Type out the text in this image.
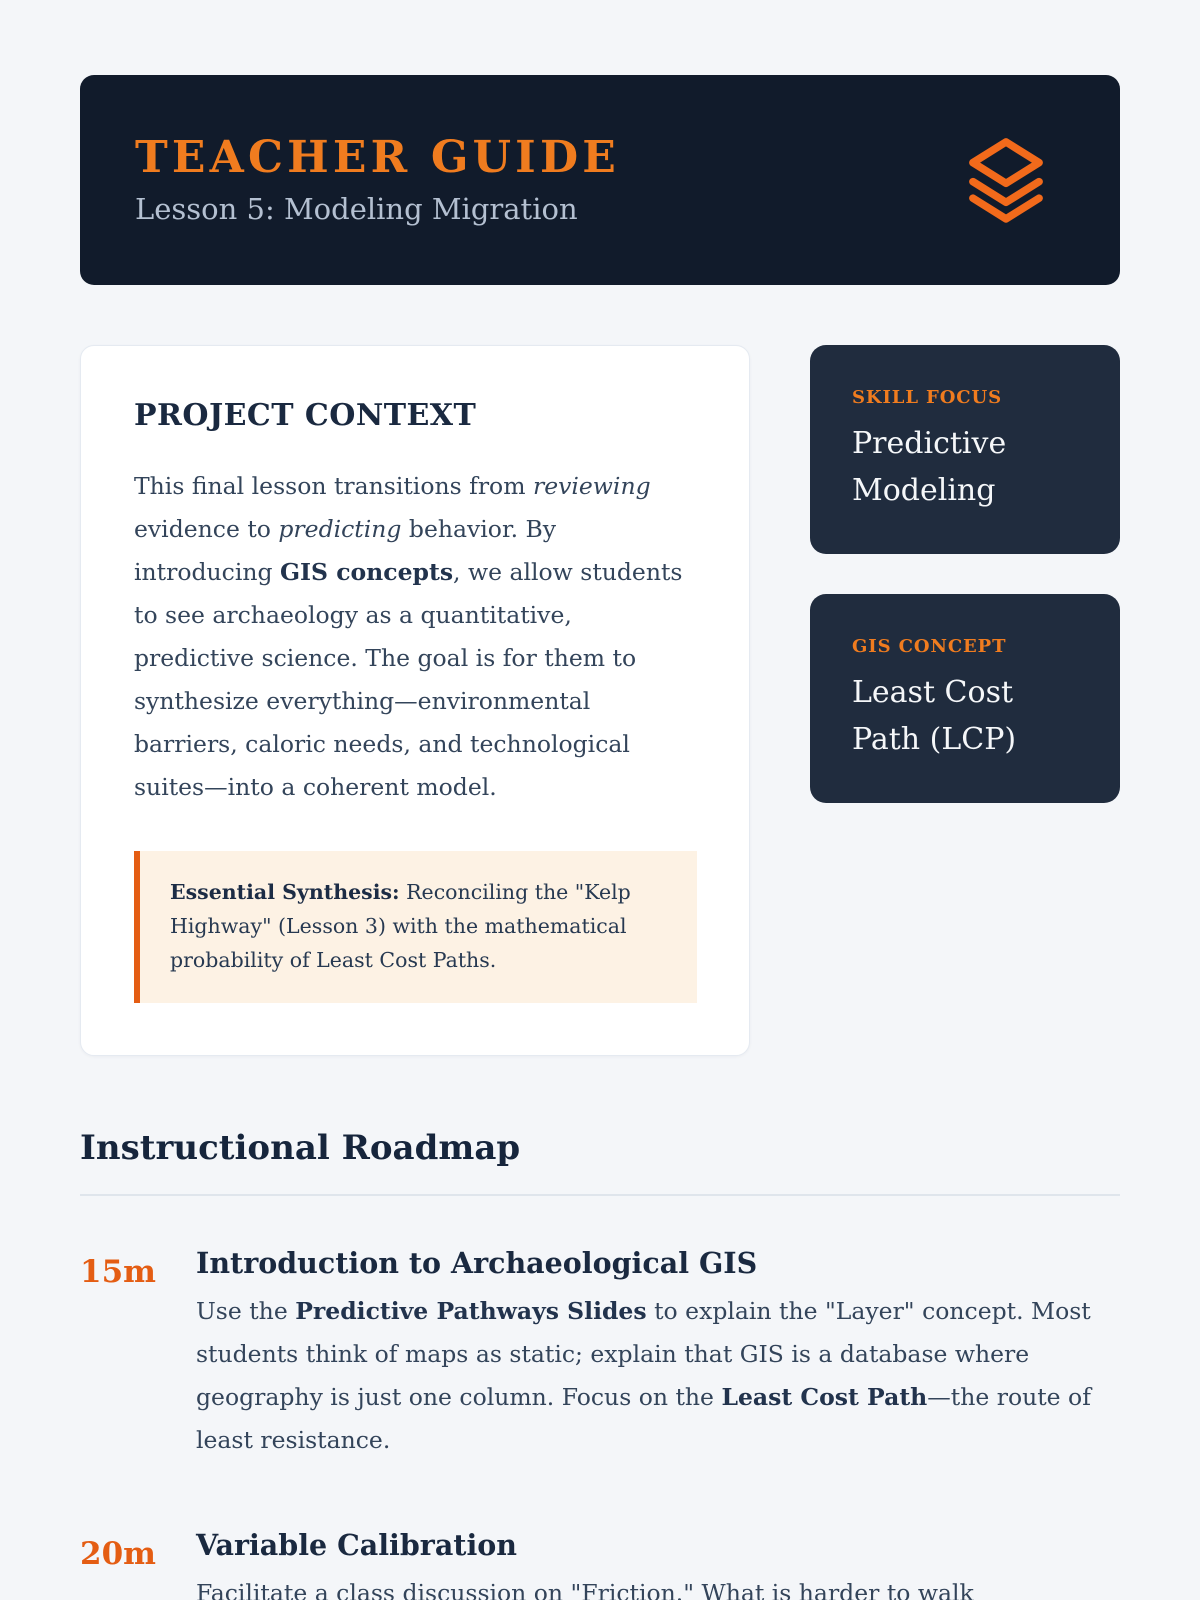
TEACHER GUIDE

Lesson 5: Modeling Migration

PROJECT CONTEXT

This final lesson transitions from reviewing evidence to predicting behavior. By introducing GIS concepts, we allow students to see archaeology as a quantitative, predictive science. The goal is for them to synthesize everything—environmental barriers, caloric needs, and technological suites—into a coherent model.

Essential Synthesis: Reconciling the "Kelp Highway" (Lesson 3) with the mathematical probability of Least Cost Paths.

SKILL FOCUS
Predictive Modeling
GIS CONCEPT
Least Cost Path (LCP)
Instructional Roadmap
15m	Introduction to Archaeological GIS

Use the Predictive Pathways Slides to explain the "Layer" concept. Most students think of maps as static; explain that GIS is a database where geography is just one column. Focus on the Least Cost Path—the route of least resistance.

20m	Variable Calibration

Facilitate a class discussion on "Friction." What is harder to walk
